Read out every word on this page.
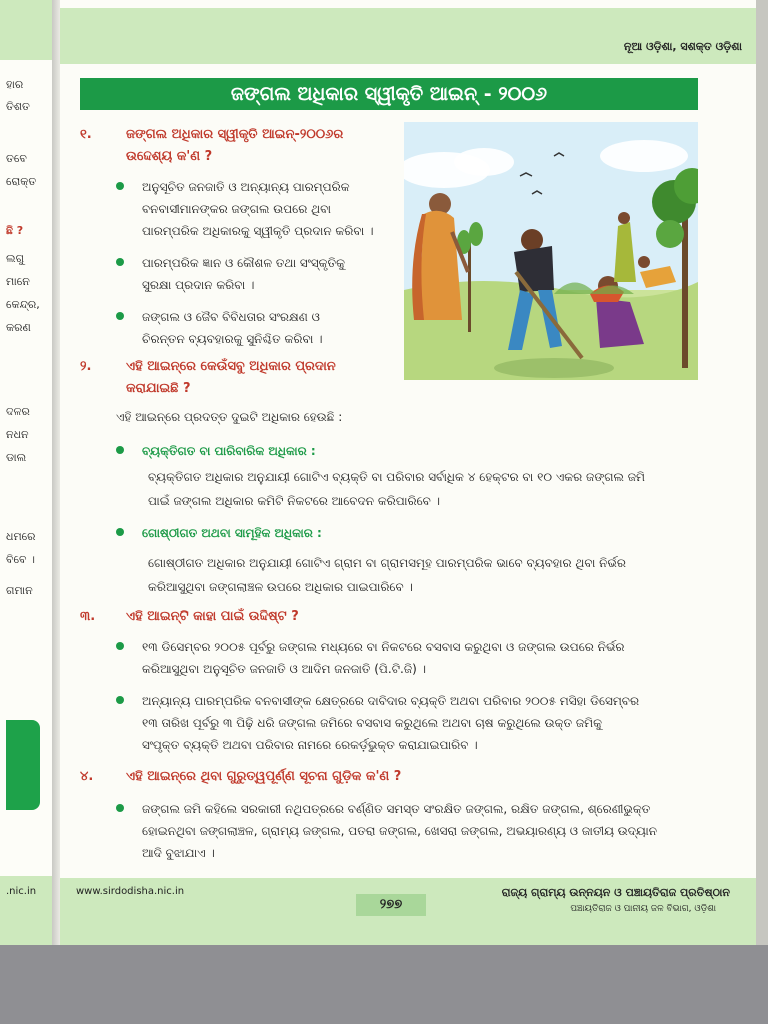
ହାର
ତିଶତ
ତବେ
ରୋକ୍ତ
ଛି ?
ଲଗୁ
ମାନେ
କେନ୍ଦ୍ର,
କରଣ
ଦଳର
ନଧନ
ଡାଲ
ଧମରେ
ବିବେ ।
ଗମାନ
.nic.in
ନୂଆ ଓଡ଼ିଶା, ସଶକ୍ତ ଓଡ଼ିଶା
ଜଙ୍ଗଲ ଅଧିକାର ସ୍ୱୀକୃତି ଆଇନ୍ - ୨୦୦୬
୧.	ଜଙ୍ଗଲ ଅଧିକାର ସ୍ୱୀକୃତି ଆଇନ୍-୨୦୦୬ର
ଉଦ୍ଦେଶ୍ୟ କ'ଣ ?
ଅନୁସୂଚିତ ଜନଜାତି ଓ ଅନ୍ୟାନ୍ୟ ପାରମ୍ପରିକ
ବନବାସୀମାନଙ୍କର ଜଙ୍ଗଲ ଉପରେ ଥିବା
ପାରମ୍ପରିକ ଅଧିକାରକୁ ସ୍ୱୀକୃତି ପ୍ରଦାନ କରିବା ।
ପାରମ୍ପରିକ ଜ୍ଞାନ ଓ କୌଶଳ ତଥା ସଂସ୍କୃତିକୁ
ସୁରକ୍ଷା ପ୍ରଦାନ କରିବା ।
ଜଙ୍ଗଲ ଓ ଜୈବ ବିବିଧତାର ସଂରକ୍ଷଣ ଓ
ଚିରନ୍ତନ ବ୍ୟବହାରକୁ ସୁନିଶ୍ଚିତ କରିବା ।
୨.	ଏହି ଆଇନ୍‌ରେ କେଉଁସବୁ ଅଧିକାର ପ୍ରଦାନ
କରାଯାଇଛି ?
ଏହି ଆଇନ୍‌ରେ ପ୍ରଦତ୍ତ ଦୁଇଟି ଅଧିକାର ହେଉଛି :
ବ୍ୟକ୍ତିଗତ ବା ପାରିବାରିକ ଅଧିକାର :
ବ୍ୟକ୍ତିଗତ ଅଧିକାର ଅନୁଯାୟୀ ଗୋଟିଏ ବ୍ୟକ୍ତି ବା ପରିବାର ସର୍ବାଧିକ ୪ ହେକ୍ଟର ବା ୧୦ ଏକର ଜଙ୍ଗଲ ଜମି
ପାଇଁ ଜଙ୍ଗଲ ଅଧିକାର କମିଟି ନିକଟରେ ଆବେଦନ କରିପାରିବେ ।
ଗୋଷ୍ଠୀଗତ ଅଥବା ସାମୂହିକ ଅଧିକାର :
ଗୋଷ୍ଠୀଗତ ଅଧିକାର ଅନୁଯାୟୀ ଗୋଟିଏ ଗ୍ରାମ ବା ଗ୍ରାମସମୂହ ପାରମ୍ପରିକ ଭାବେ ବ୍ୟବହାର ଥିବା ନିର୍ଭର
କରିଆସୁଥିବା ଜଙ୍ଗଲାଞ୍ଚଳ ଉପରେ ଅଧିକାର ପାଇପାରିବେ ।
୩. ଏହି ଆଇନ୍‌ଟି କାହା ପାଇଁ ଉଦ୍ଦିଷ୍ଟ ?
୧୩ ଡିସେମ୍ବର ୨୦୦୫ ପୂର୍ବରୁ ଜଙ୍ଗଲ ମଧ୍ୟରେ ବା ନିକଟରେ ବସବାସ କରୁଥିବା ଓ ଜଙ୍ଗଲ ଉପରେ ନିର୍ଭର
କରିଆସୁଥିବା ଅନୁସୂଚିତ ଜନଜାତି ଓ ଆଦିମ ଜନଜାତି (ପି.ଟି.ଜି) ।
ଅନ୍ୟାନ୍ୟ ପାରମ୍ପରିକ ବନବାସୀଙ୍କ କ୍ଷେତ୍ରରେ ଦାବିଦାର ବ୍ୟକ୍ତି ଅଥବା ପରିବାର ୨୦୦୫ ମସିହା ଡିସେମ୍ବର
୧୩ ତାରିଖ ପୂର୍ବରୁ ୩ ପିଢ଼ି ଧରି ଜଙ୍ଗଲ ଜମିରେ ବସବାସ କରୁଥିଲେ ଅଥବା ଚାଷ କରୁଥିଲେ ଉକ୍ତ ଜମିକୁ
ସଂପୃକ୍ତ ବ୍ୟକ୍ତି ଅଥବା ପରିବାର ନାମରେ ରେକର୍ଡ଼ଭୁକ୍ତ କରାଯାଇପାରିବ ।
୪.	ଏହି ଆଇନ୍‌ରେ ଥିବା ଗୁରୁତ୍ୱପୂର୍ଣ୍ଣ ସୂଚନା ଗୁଡ଼ିକ କ'ଣ ?
ଜଙ୍ଗଲ ଜମି କହିଲେ ସରକାରୀ ନଥିପତ୍ରରେ ବର୍ଣ୍ଣିତ ସମସ୍ତ ସଂରକ୍ଷିତ ଜଙ୍ଗଲ, ରକ୍ଷିତ ଜଙ୍ଗଲ, ଶ୍ରେଣୀଭୁକ୍ତ
ହୋଇନଥିବା ଜଙ୍ଗଲାଞ୍ଚଳ, ଗ୍ରାମ୍ୟ ଜଙ୍ଗଲ, ପତରା ଜଙ୍ଗଲ, ଖେସରା ଜଙ୍ଗଲ, ଅଭୟାରଣ୍ୟ ଓ ଜାତୀୟ ଉଦ୍ୟାନ
ଆଦି ବୁଝାଯାଏ ।
www.sirdodisha.nic.in
୨୭୭
ରାଜ୍ୟ ଗ୍ରାମ୍ୟ ଉନ୍ନୟନ ଓ ପଞ୍ଚାୟତିରାଜ ପ୍ରତିଷ୍ଠାନ
ପଞ୍ଚାୟତିରାଜ ଓ ପାନୀୟ ଜଳ ବିଭାଗ, ଓଡ଼ିଶା
